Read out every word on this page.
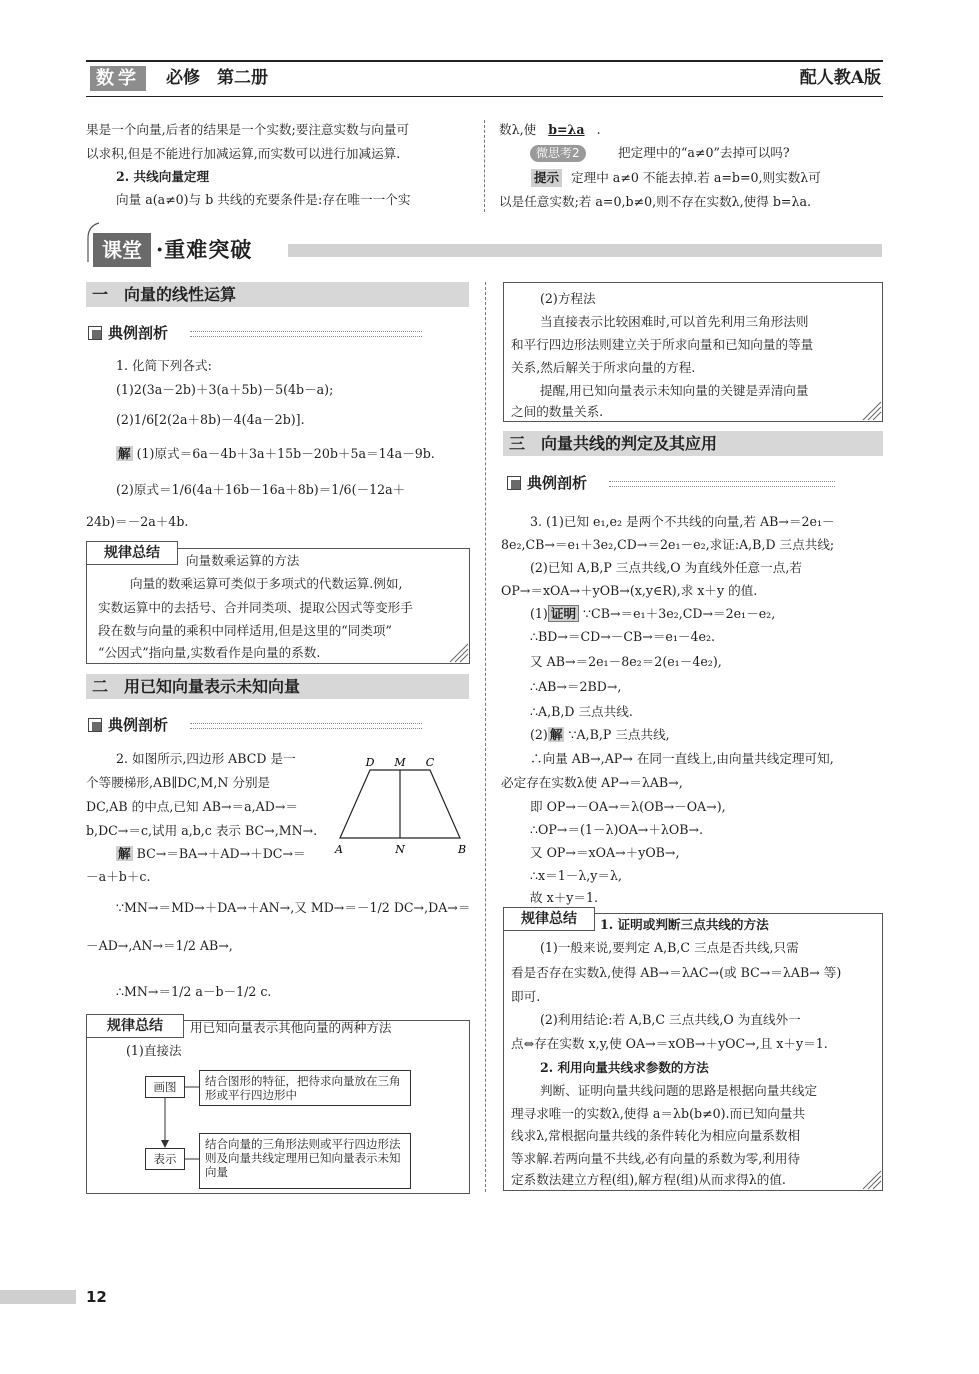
数学	必修　第二册	配人教A版
果是一个向量,后者的结果是一个实数;要注意实数与向量可
以求积,但是不能进行加减运算,而实数可以进行加减运算.
2. 共线向量定理
向量 a(a≠0)与 b 共线的充要条件是:存在唯一一个实
数λ,使 b=λa .
微思考2	把定理中的“a≠0”去掉可以吗?
提示 定理中 a≠0 不能去掉.若 a=b=0,则实数λ可
以是任意实数;若 a=0,b≠0,则不存在实数λ,使得 b=λa.
课堂 ·重难突破
一　向量的线性运算
典例剖析
1. 化简下列各式:
(1)2(3a－2b)＋3(a＋5b)－5(4b－a);
(2)1/6[2(2a＋8b)－4(4a－2b)].
解 (1)原式＝6a－4b＋3a＋15b－20b＋5a＝14a－9b.
(2)原式＝1/6(4a＋16b－16a＋8b)＝1/6(－12a＋
24b)＝－2a＋4b.
规律总结	向量数乘运算的方法
向量的数乘运算可类似于多项式的代数运算.例如,
实数运算中的去括号、合并同类项、提取公因式等变形手
段在数与向量的乘积中同样适用,但是这里的“同类项”
“公因式”指向量,实数看作是向量的系数.
二　用已知向量表示未知向量
典例剖析
2. 如图所示,四边形 ABCD 是一
个等腰梯形,AB∥DC,M,N 分别是
DC,AB 的中点,已知 AB→＝a,AD→＝
b,DC→＝c,试用 a,b,c 表示 BC→,MN→.
解 BC→＝BA→＋AD→＋DC→＝
D M C
A	N	B
－a＋b＋c.
∵MN→＝MD→＋DA→＋AN→,又 MD→＝－1/2 DC→,DA→＝
－AD→,AN→＝1/2 AB→,
∴MN→＝1/2 a－b－1/2 c.
规律总结	用已知向量表示其他向量的两种方法
(1)直接法
画图	结合图形的特征，把待求向量放在三角形或平行四边形中
表示
结合向量的三角形法则或平行四边形法则及向量共线定理用已知向量表示未知向量
(2)方程法
当直接表示比较困难时,可以首先利用三角形法则
和平行四边形法则建立关于所求向量和已知向量的等量
关系,然后解关于所求向量的方程.
提醒,用已知向量表示未知向量的关键是弄清向量
之间的数量关系.
三　向量共线的判定及其应用
典例剖析
3. (1)已知 e₁,e₂ 是两个不共线的向量,若 AB→＝2e₁－
8e₂,CB→＝e₁＋3e₂,CD→＝2e₁－e₂,求证:A,B,D 三点共线;
(2)已知 A,B,P 三点共线,O 为直线外任意一点,若
OP→＝xOA→＋yOB→(x,y∈R),求 x＋y 的值.
(1) 证明 ∵CB→＝e₁＋3e₂,CD→＝2e₁－e₂,
∴BD→＝CD→－CB→＝e₁－4e₂.
又 AB→＝2e₁－8e₂＝2(e₁－4e₂),
∴AB→＝2BD→,
∴A,B,D 三点共线.
(2) 解 ∵A,B,P 三点共线,
∴向量 AB→,AP→ 在同一直线上,由向量共线定理可知,
必定存在实数λ使 AP→＝λAB→,
即 OP→－OA→＝λ(OB→－OA→),
∴OP→＝(1－λ)OA→＋λOB→.
又 OP→＝xOA→＋yOB→,
∴x＝1－λ,y＝λ,
故 x＋y＝1.
规律总结	1. 证明或判断三点共线的方法
(1)一般来说,要判定 A,B,C 三点是否共线,只需
看是否存在实数λ,使得 AB→＝λAC→(或 BC→＝λAB→ 等)
即可.
(2)利用结论:若 A,B,C 三点共线,O 为直线外一
点⇔存在实数 x,y,使 OA→＝xOB→＋yOC→,且 x＋y＝1.
2. 利用向量共线求参数的方法
判断、证明向量共线问题的思路是根据向量共线定
理寻求唯一的实数λ,使得 a＝λb(b≠0).而已知向量共
线求λ,常根据向量共线的条件转化为相应向量系数相
等求解.若两向量不共线,必有向量的系数为零,利用待
定系数法建立方程(组),解方程(组)从而求得λ的值.
12
